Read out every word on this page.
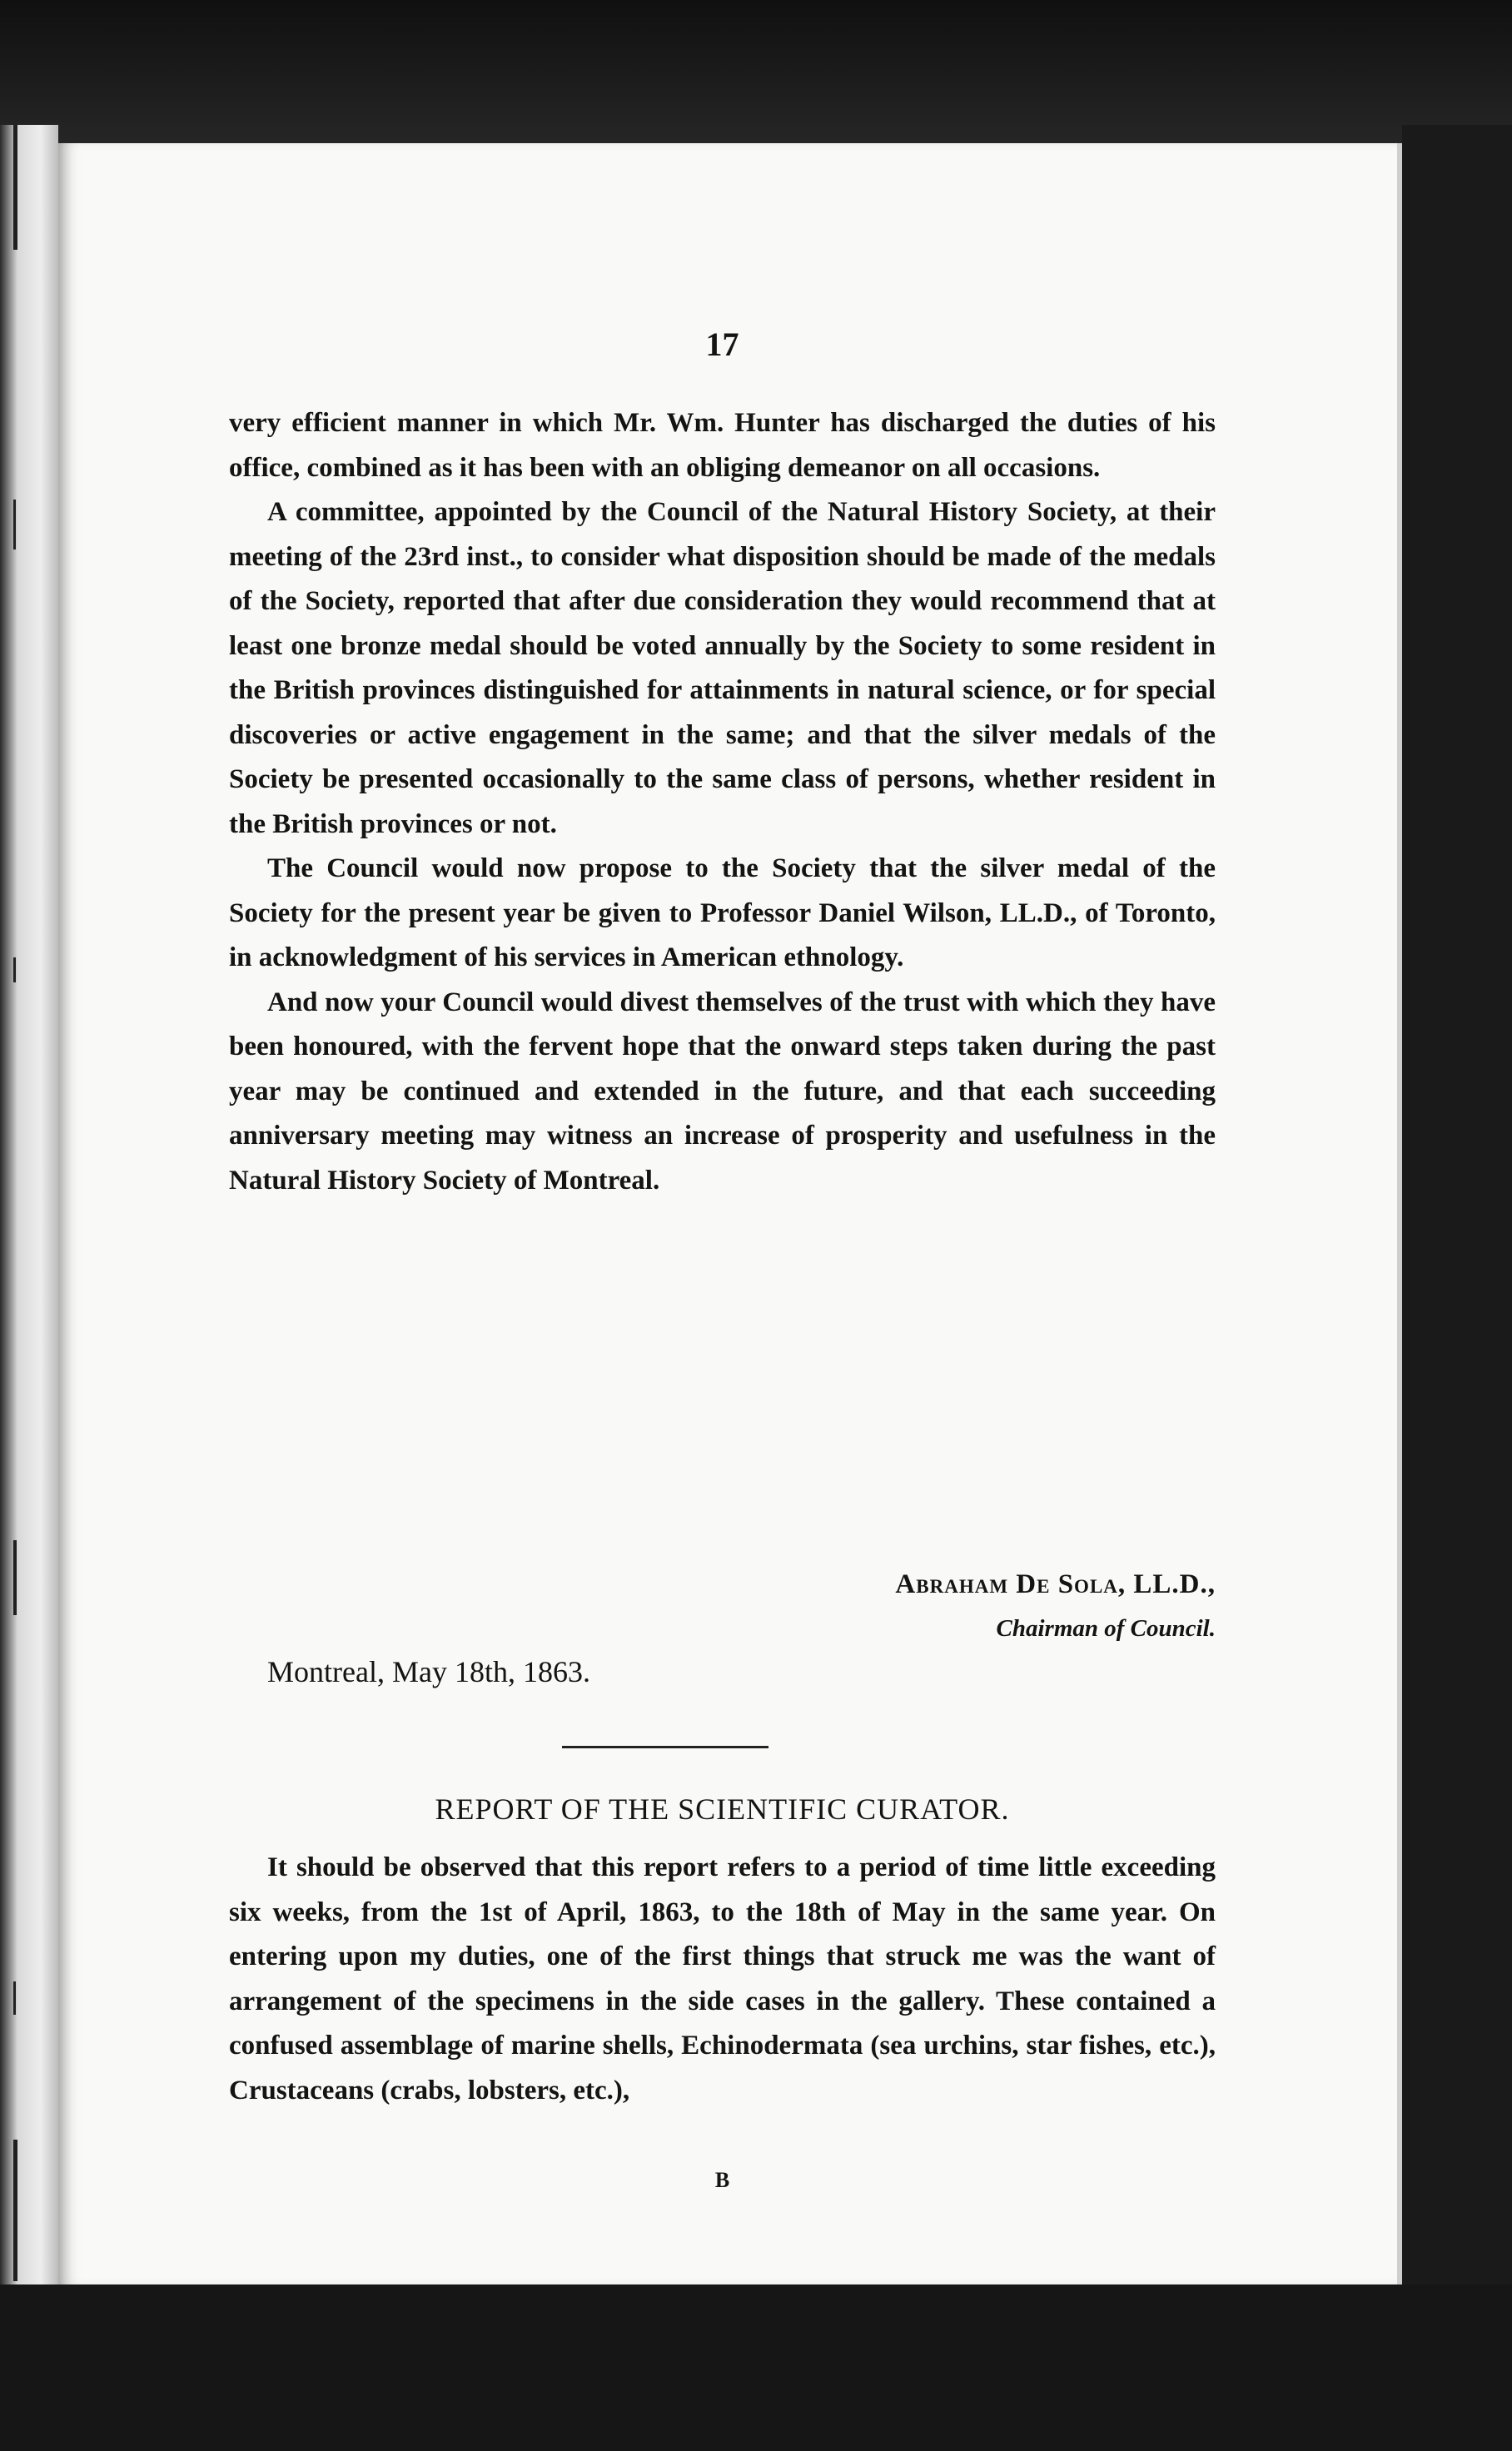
17

very efficient manner in which Mr. Wm. Hunter has discharged the duties of his office, combined as it has been with an obliging demeanor on all occasions.

A committee, appointed by the Council of the Natural History Society, at their meeting of the 23rd inst., to consider what disposition should be made of the medals of the Society, reported that after due consideration they would recommend that at least one bronze medal should be voted annually by the Society to some resident in the British provinces distinguished for attainments in natural science, or for special discoveries or active engagement in the same; and that the silver medals of the Society be presented occasionally to the same class of persons, whether resident in the British provinces or not.

The Council would now propose to the Society that the silver medal of the Society for the present year be given to Professor Daniel Wilson, LL.D., of Toronto, in acknowledgment of his services in American ethnology.

And now your Council would divest themselves of the trust with which they have been honoured, with the fervent hope that the onward steps taken during the past year may be continued and extended in the future, and that each succeeding anniversary meeting may witness an increase of prosperity and usefulness in the Natural History Society of Montreal.

Abraham De Sola, LL.D.,
Chairman of Council.
Montreal, May 18th, 1863.
REPORT OF THE SCIENTIFIC CURATOR.

It should be observed that this report refers to a period of time little exceeding six weeks, from the 1st of April, 1863, to the 18th of May in the same year. On entering upon my duties, one of the first things that struck me was the want of arrangement of the specimens in the side cases in the gallery. These contained a confused assemblage of marine shells, Echinodermata (sea urchins, star fishes, etc.), Crustaceans (crabs, lobsters, etc.),

B
